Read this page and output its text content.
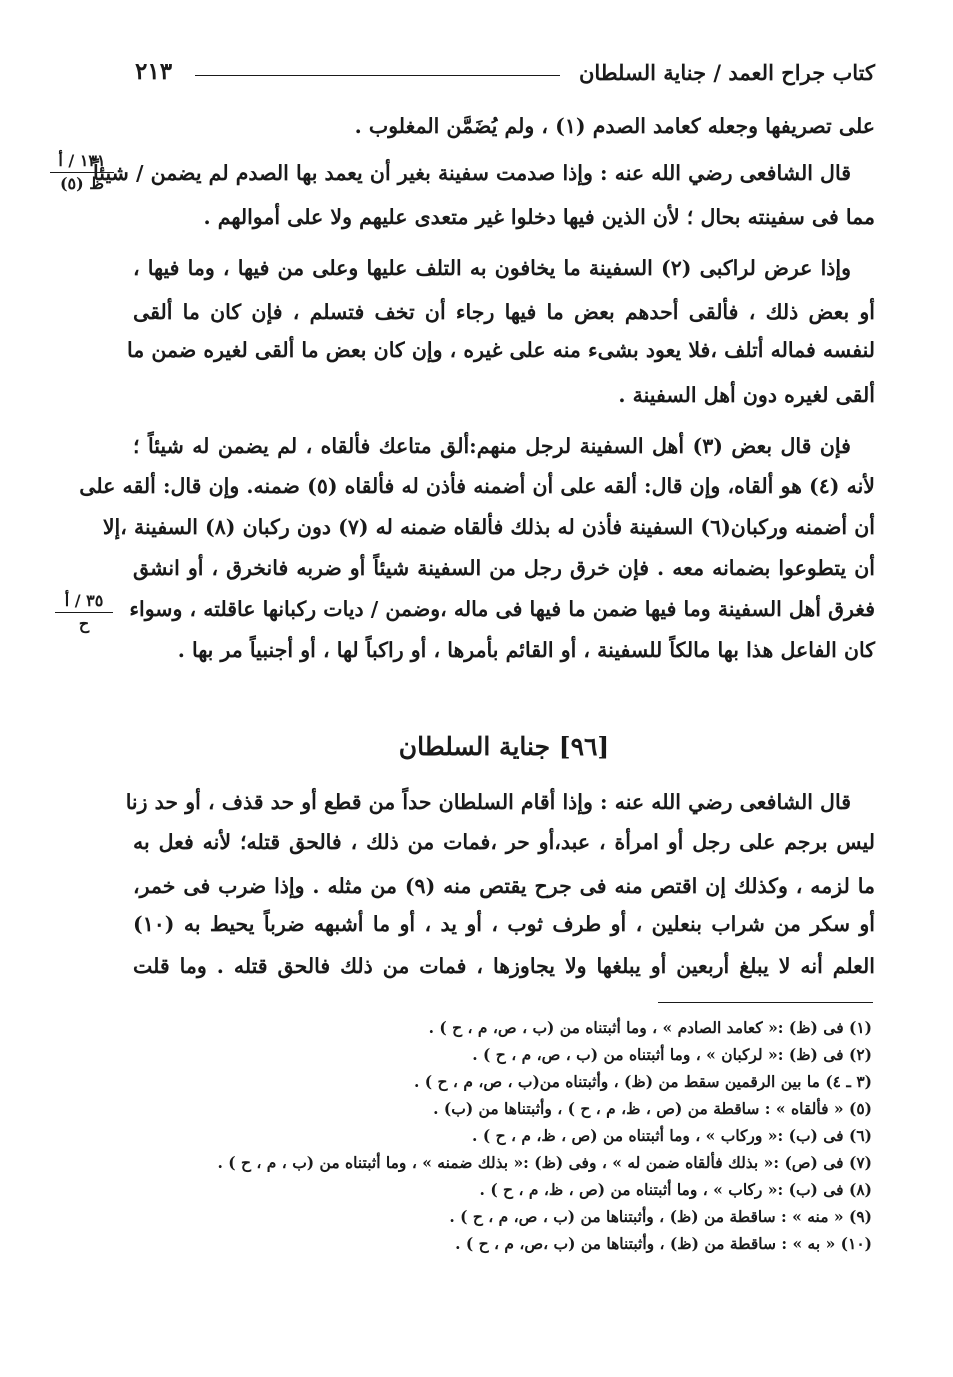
كتاب جراح العمد / جناية السلطان
٢١٣
١٣١ / أ
ظ (٥)
٣٥ / أ
ح
على تصريفها وجعله كعامد الصدم (١) ، ولم يُضَمَّن المغلوب .
قال الشافعى رضي الله عنه : وإذا صدمت سفينة بغير أن يعمد بها الصدم لم يضمن / شيئاً
مما فى سفينته بحال ؛ لأن الذين فيها دخلوا غير متعدى عليهم ولا على أموالهم .
وإذا عرض لراكبى (٢) السفينة ما يخافون به التلف عليها وعلى من فيها ، وما فيها ،
أو بعض ذلك ، فألقى أحدهم بعض ما فيها رجاء أن تخف فتسلم ، فإن كان ما ألقى
لنفسه فماله أتلف ،فلا يعود بشىء منه على غيره ، وإن كان بعض ما ألقى لغيره ضمن ما
ألقى لغيره دون أهل السفينة .
فإن قال بعض (٣) أهل السفينة لرجل منهم:ألق متاعك فألقاه ، لم يضمن له شيئاً ؛
لأنه (٤) هو ألقاه، وإن قال: ألقه على أن أضمنه فأذن له فألقاه (٥) ضمنه. وإن قال: ألقه على
أن أضمنه وركبان(٦) السفينة فأذن له بذلك فألقاه ضمنه له (٧) دون ركبان (٨) السفينة ،إلا
أن يتطوعوا بضمانه معه . فإن خرق رجل من السفينة شيئاً أو ضربه فانخرق ، أو انشق
فغرق أهل السفينة وما فيها ضمن ما فيها فى ماله ،وضمن / ديات ركبانها عاقلته ، وسواء
كان الفاعل هذا بها مالكاً للسفينة ، أو القائم بأمرها ، أو راكباً لها ، أو أجنبياً مر بها .
[٩٦] جناية السلطان
قال الشافعى رضي الله عنه : وإذا أقام السلطان حداً من قطع أو حد قذف ، أو حد زنا
ليس برجم على رجل أو امرأة ، عبد،أو حر ،فمات من ذلك ، فالحق قتله؛ لأنه فعل به
ما لزمه ، وكذلك إن اقتص منه فى جرح يقتص منه (٩) من مثله . وإذا ضرب فى خمر،
أو سكر من شراب بنعلين ، أو طرف ثوب ، أو يد ، أو ما أشبهه ضرباً يحيط به (١٠)
العلم أنه لا يبلغ أربعين أو يبلغها ولا يجاوزها ، فمات من ذلك فالحق قتله . وما قلت
(١) فى (ظ) :« كعامد الصادم » ، وما أثبتناه من (ب ، ص، م ، ح ) .
(٢) فى (ظ) :« لركبان » ، وما أثبتناه من (ب ، ص، م ، ح ) .
(٣ ـ ٤) ما بين الرقمين سقط من (ظ) ، وأثبتناه من(ب ، ص، م ، ح ) .
(٥) « فألقاه » : ساقطة من (ص ، ظ، م ، ح ) ، وأثبتناها من (ب) .
(٦) فى (ب) :« وركاب » ، وما أثبتناه من (ص ، ظ، م ، ح ) .
(٧) فى (ص) :« بذلك فألقاه ضمن له » ، وفى (ظ) :« بذلك ضمنه » ، وما أثبتناه من (ب ، م ، ح ) .
(٨) فى (ب) :« ركاب » ، وما أثبتناه من (ص ، ظ، م ، ح ) .
(٩) « منه » : ساقطة من (ظ) ، وأثبتناها من (ب ، ص، م ، ح ) .
(١٠) « به » : ساقطة من (ظ) ، وأثبتناها من (ب ،ص، م ، ح ) .
